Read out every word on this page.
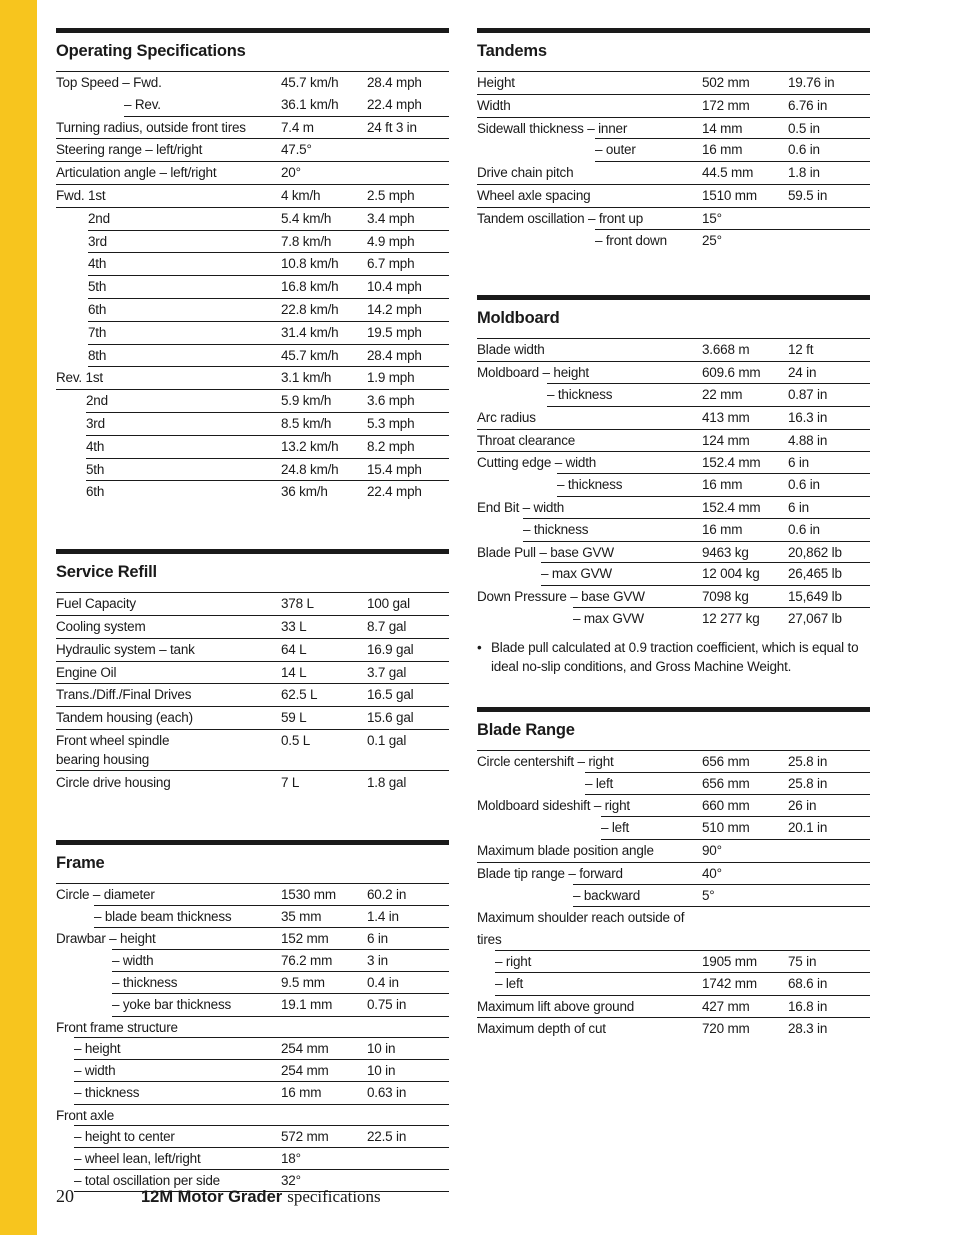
Operating Specifications
Top Speed – Fwd.	45.7 km/h	28.4 mph
– Rev.	36.1 km/h	22.4 mph
Turning radius, outside front tires	7.4 m	24 ft 3 in
Steering range – left/right	47.5°
Articulation angle – left/right	20°
Fwd. 1st	4 km/h	2.5 mph
2nd	5.4 km/h	3.4 mph
3rd	7.8 km/h	4.9 mph
4th	10.8 km/h	6.7 mph
5th	16.8 km/h	10.4 mph
6th	22.8 km/h	14.2 mph
7th	31.4 km/h	19.5 mph
8th	45.7 km/h	28.4 mph
Rev. 1st	3.1 km/h	1.9 mph
2nd	5.9 km/h	3.6 mph
3rd	8.5 km/h	5.3 mph
4th	13.2 km/h	8.2 mph
5th	24.8 km/h	15.4 mph
6th	36 km/h	22.4 mph
Service Refill
Fuel Capacity	378 L	100 gal
Cooling system	33 L	8.7 gal
Hydraulic system – tank	64 L	16.9 gal
Engine Oil	14 L	3.7 gal
Trans./Diff./Final Drives	62.5 L	16.5 gal
Tandem housing (each)	59 L	15.6 gal
Front wheel spindle
bearing housing
0.5 L	0.1 gal
Circle drive housing	7 L	1.8 gal
Frame
Circle – diameter	1530 mm	60.2 in
– blade beam thickness	35 mm	1.4 in
Drawbar – height	152 mm	6 in
– width	76.2 mm	3 in
– thickness	9.5 mm	0.4 in
– yoke bar thickness	19.1 mm	0.75 in
Front frame structure
– height	254 mm	10 in
– width	254 mm	10 in
– thickness	16 mm	0.63 in
Front axle
– height to center	572 mm	22.5 in
– wheel lean, left/right	18°
– total oscillation per side	32°
Tandems
Height	502 mm	19.76 in
Width	172 mm	6.76 in
Sidewall thickness – inner	14 mm	0.5 in
– outer	16 mm	0.6 in
Drive chain pitch	44.5 mm	1.8 in
Wheel axle spacing	1510 mm	59.5 in
Tandem oscillation – front up	15°
– front down	25°
Moldboard
Blade width	3.668 m	12 ft
Moldboard – height	609.6 mm	24 in
– thickness	22 mm	0.87 in
Arc radius	413 mm	16.3 in
Throat clearance	124 mm	4.88 in
Cutting edge – width	152.4 mm	6 in
– thickness	16 mm	0.6 in
End Bit – width	152.4 mm	6 in
– thickness	16 mm	0.6 in
Blade Pull – base GVW	9463 kg	20,862 lb
– max GVW	12 004 kg	26,465 lb
Down Pressure – base GVW	7098 kg	15,649 lb
– max GVW	12 277 kg	27,067 lb
• Blade pull calculated at 0.9 traction coefficient, which is equal to ideal no-slip conditions, and Gross Machine Weight.
Blade Range
Circle centershift – right	656 mm	25.8 in
– left	656 mm	25.8 in
Moldboard sideshift – right	660 mm	26 in
– left	510 mm	20.1 in
Maximum blade position angle	90°
Blade tip range – forward	40°
– backward	5°
Maximum shoulder reach outside of tires
– right	1905 mm	75 in
– left	1742 mm	68.6 in
Maximum lift above ground	427 mm	16.8 in
Maximum depth of cut	720 mm	28.3 in
20	12M Motor Grader specifications
